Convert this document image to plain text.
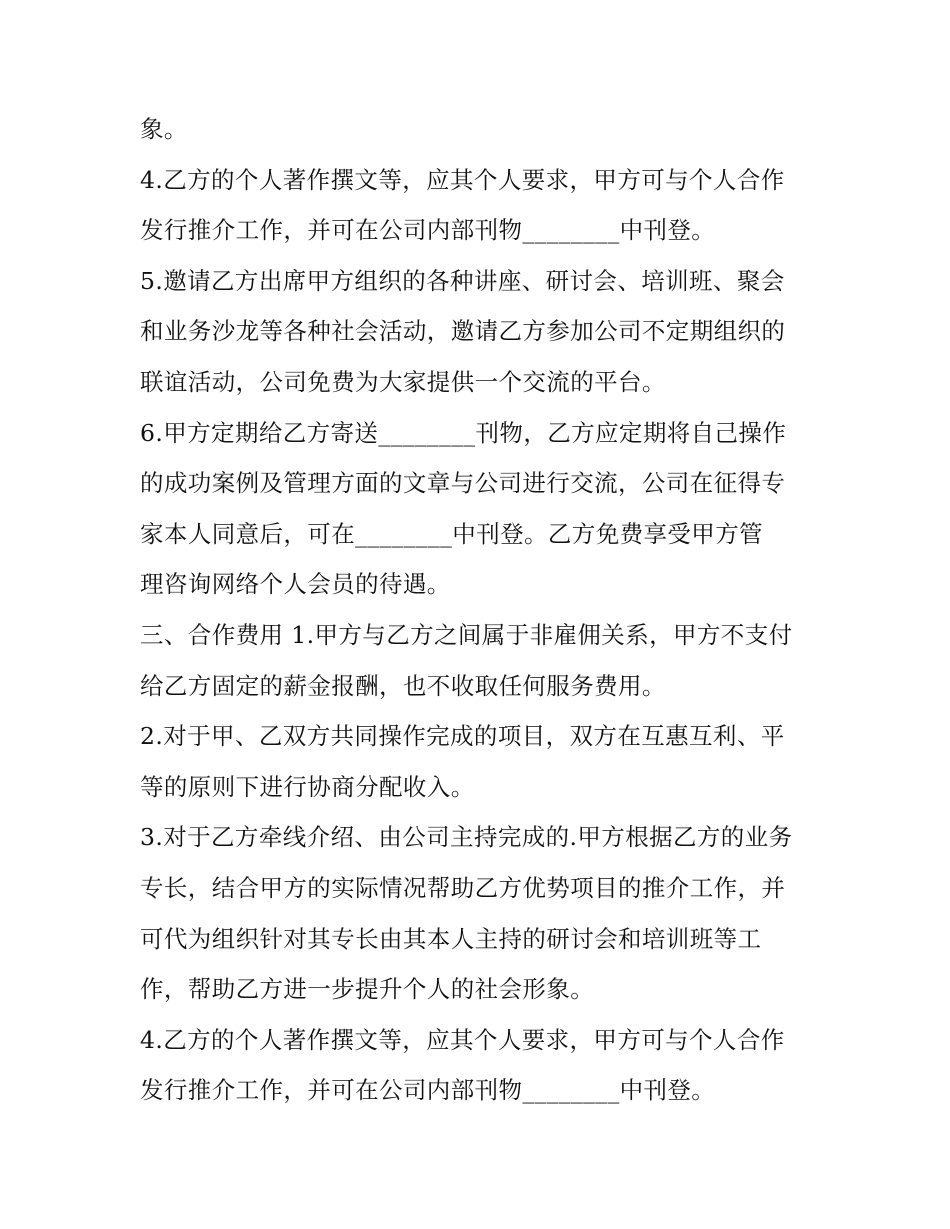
象。
4.乙方的个人著作撰文等，应其个人要求，甲方可与个人合作
发行推介工作，并可在公司内部刊物________中刊登。
5.邀请乙方出席甲方组织的各种讲座、研讨会、培训班、聚会
和业务沙龙等各种社会活动，邀请乙方参加公司不定期组织的
联谊活动，公司免费为大家提供一个交流的平台。
6.甲方定期给乙方寄送________刊物，乙方应定期将自己操作
的成功案例及管理方面的文章与公司进行交流，公司在征得专
家本人同意后，可在________中刊登。乙方免费享受甲方管
理咨询网络个人会员的待遇。
三、合作费用 1.甲方与乙方之间属于非雇佣关系，甲方不支付
给乙方固定的薪金报酬，也不收取任何服务费用。
2.对于甲、乙双方共同操作完成的项目，双方在互惠互利、平
等的原则下进行协商分配收入。
3.对于乙方牵线介绍、由公司主持完成的.甲方根据乙方的业务
专长，结合甲方的实际情况帮助乙方优势项目的推介工作，并
可代为组织针对其专长由其本人主持的研讨会和培训班等工
作，帮助乙方进一步提升个人的社会形象。
4.乙方的个人著作撰文等，应其个人要求，甲方可与个人合作
发行推介工作，并可在公司内部刊物________中刊登。
